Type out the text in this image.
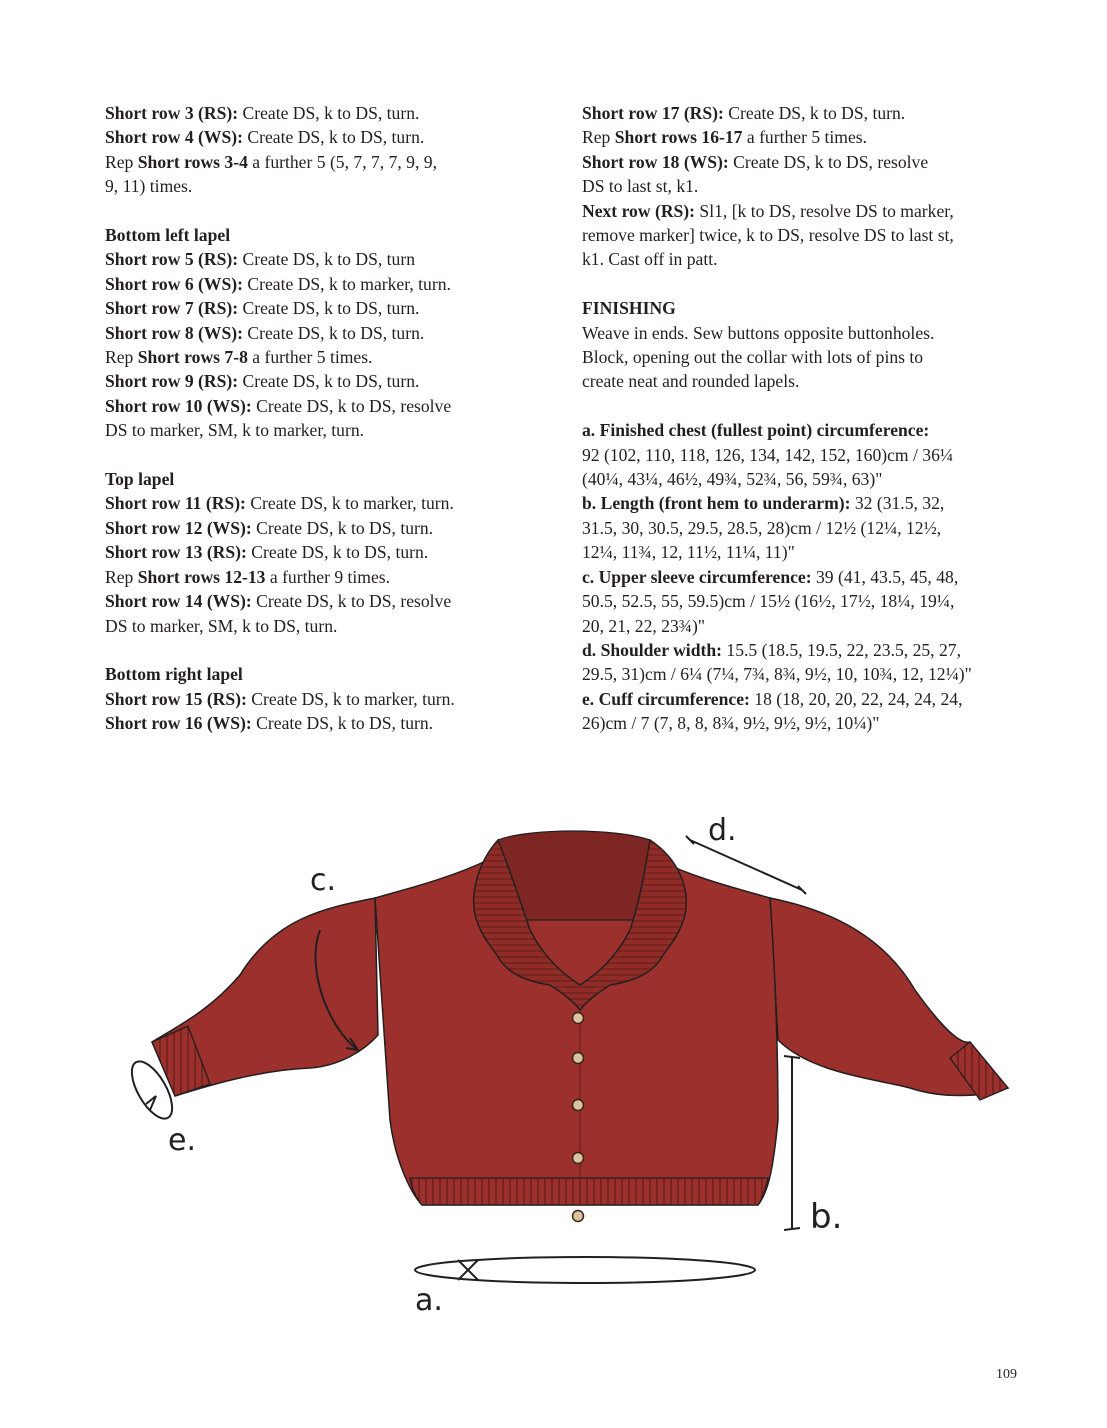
Short row 3 (RS): Create DS, k to DS, turn.
Short row 4 (WS): Create DS, k to DS, turn.
Rep Short rows 3-4 a further 5 (5, 7, 7, 7, 9, 9,
9, 11) times.
Bottom left lapel
Short row 5 (RS): Create DS, k to DS, turn
Short row 6 (WS): Create DS, k to marker, turn.
Short row 7 (RS): Create DS, k to DS, turn.
Short row 8 (WS): Create DS, k to DS, turn.
Rep Short rows 7-8 a further 5 times.
Short row 9 (RS): Create DS, k to DS, turn.
Short row 10 (WS): Create DS, k to DS, resolve
DS to marker, SM, k to marker, turn.
Top lapel
Short row 11 (RS): Create DS, k to marker, turn.
Short row 12 (WS): Create DS, k to DS, turn.
Short row 13 (RS): Create DS, k to DS, turn.
Rep Short rows 12-13 a further 9 times.
Short row 14 (WS): Create DS, k to DS, resolve
DS to marker, SM, k to DS, turn.
Bottom right lapel
Short row 15 (RS): Create DS, k to marker, turn.
Short row 16 (WS): Create DS, k to DS, turn.
Short row 17 (RS): Create DS, k to DS, turn.
Rep Short rows 16-17 a further 5 times.
Short row 18 (WS): Create DS, k to DS, resolve
DS to last st, k1.
Next row (RS): Sl1, [k to DS, resolve DS to marker,
remove marker] twice, k to DS, resolve DS to last st,
k1. Cast off in patt.
FINISHING
Weave in ends. Sew buttons opposite buttonholes.
Block, opening out the collar with lots of pins to
create neat and rounded lapels.
a. Finished chest (fullest point) circumference:
92 (102, 110, 118, 126, 134, 142, 152, 160)cm / 36¼
(40¼, 43¼, 46½, 49¾, 52¾, 56, 59¾, 63)"
b. Length (front hem to underarm): 32 (31.5, 32,
31.5, 30, 30.5, 29.5, 28.5, 28)cm / 12½ (12¼, 12½,
12¼, 11¾, 12, 11½, 11¼, 11)"
c. Upper sleeve circumference: 39 (41, 43.5, 45, 48,
50.5, 52.5, 55, 59.5)cm / 15½ (16½, 17½, 18¼, 19¼,
20, 21, 22, 23¾)"
d. Shoulder width: 15.5 (18.5, 19.5, 22, 23.5, 25, 27,
29.5, 31)cm / 6¼ (7¼, 7¾, 8¾, 9½, 10, 10¾, 12, 12¼)"
e. Cuff circumference: 18 (18, 20, 20, 22, 24, 24, 24,
26)cm / 7 (7, 8, 8, 8¾, 9½, 9½, 9½, 10¼)"
d.
c.
e.
b.
a.
109
